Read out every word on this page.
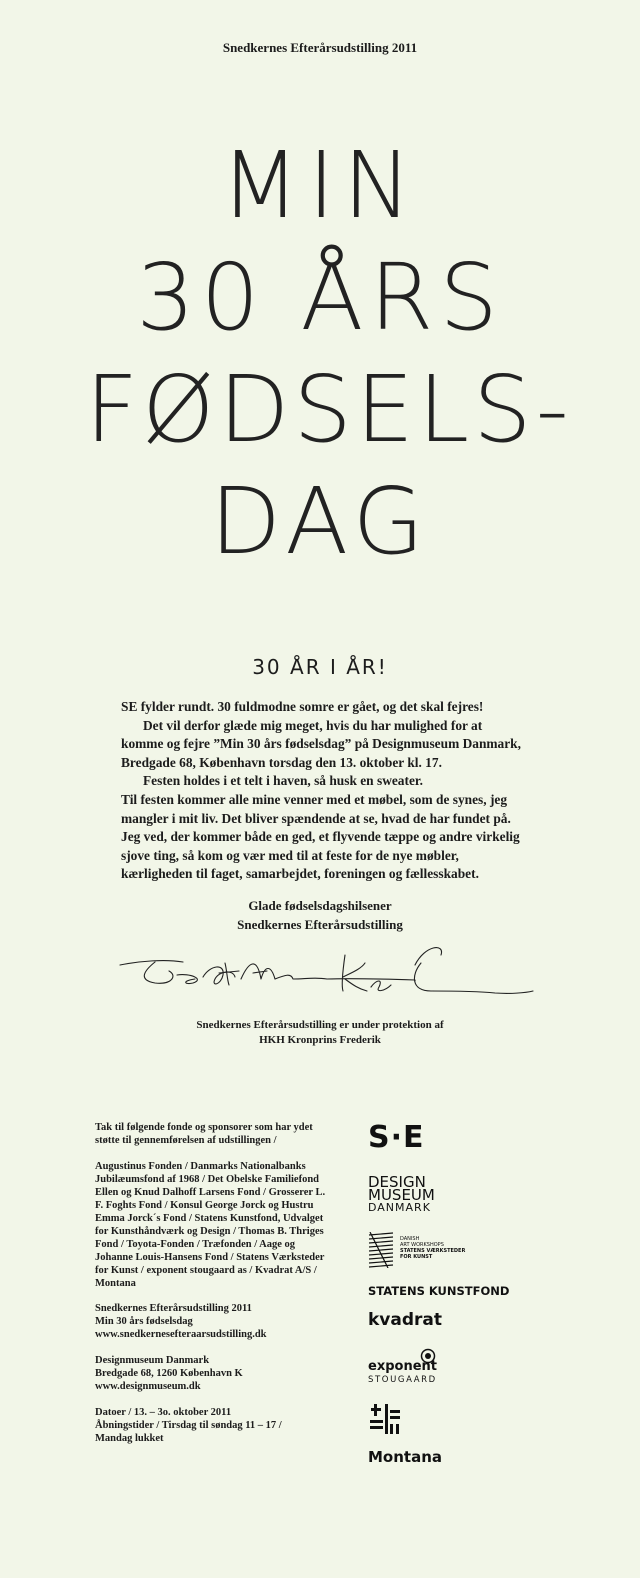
Snedkernes Efterårsudstilling 2011
MIN
30 ÅRS
FØDSELS-
DAG
30 ÅR I ÅR!

SE fylder rundt. 30 fuldmodne somre er gået, og det skal fejres!

Det vil derfor glæde mig meget, hvis du har mulighed for at komme og fejre ”Min 30 års fødselsdag” på Designmuseum Danmark, Bredgade 68, København torsdag den 13. oktober kl. 17.

Festen holdes i et telt i haven, så husk en sweater.

Til festen kommer alle mine venner med et møbel, som de synes, jeg mangler i mit liv. Det bliver spændende at se, hvad de har fundet på. Jeg ved, der kommer både en ged, et flyvende tæppe og andre virkelig sjove ting, så kom og vær med til at feste for de nye møbler, kærligheden til faget, samarbejdet, foreningen og fællesskabet.

Glade fødselsdagshilsener
Snedkernes Efterårsudstilling
Snedkernes Efterårsudstilling er under protektion af
HKH Kronprins Frederik

Tak til følgende fonde og sponsorer som har ydet støtte til gennemførelsen af udstillingen /

Augustinus Fonden / Danmarks Nationalbanks Jubilæumsfond af 1968 / Det Obelske Familiefond Ellen og Knud Dalhoff Larsens Fond / Grosserer L. F. Foghts Fond / Konsul George Jorck og Hustru Emma Jorck´s Fond / Statens Kunstfond, Udvalget for Kunsthåndværk og Design / Thomas B. Thriges Fond / Toyota-Fonden / Træfonden / Aage og Johanne Louis-Hansens Fond / Statens Værksteder for Kunst / exponent stougaard as / Kvadrat A/S / Montana

Snedkernes Efterårsudstilling 2011

Min 30 års fødselsdag

www.snedkernesefteraarsudstilling.dk

Designmuseum Danmark

Bredgade 68, 1260 København K

www.designmuseum.dk

Datoer / 13. – 3o. oktober 2011

Åbningstider / Tirsdag til søndag 11 – 17 /

Mandag lukket

S·E
DESIGN
MUSEUM
DANMARK
DANISH
ART WORKSHOPS
STATENS VÆRKSTEDER
FOR KUNST
STATENS KUNSTFOND
kvadrat
exponent
STOUGAARD
Montana
